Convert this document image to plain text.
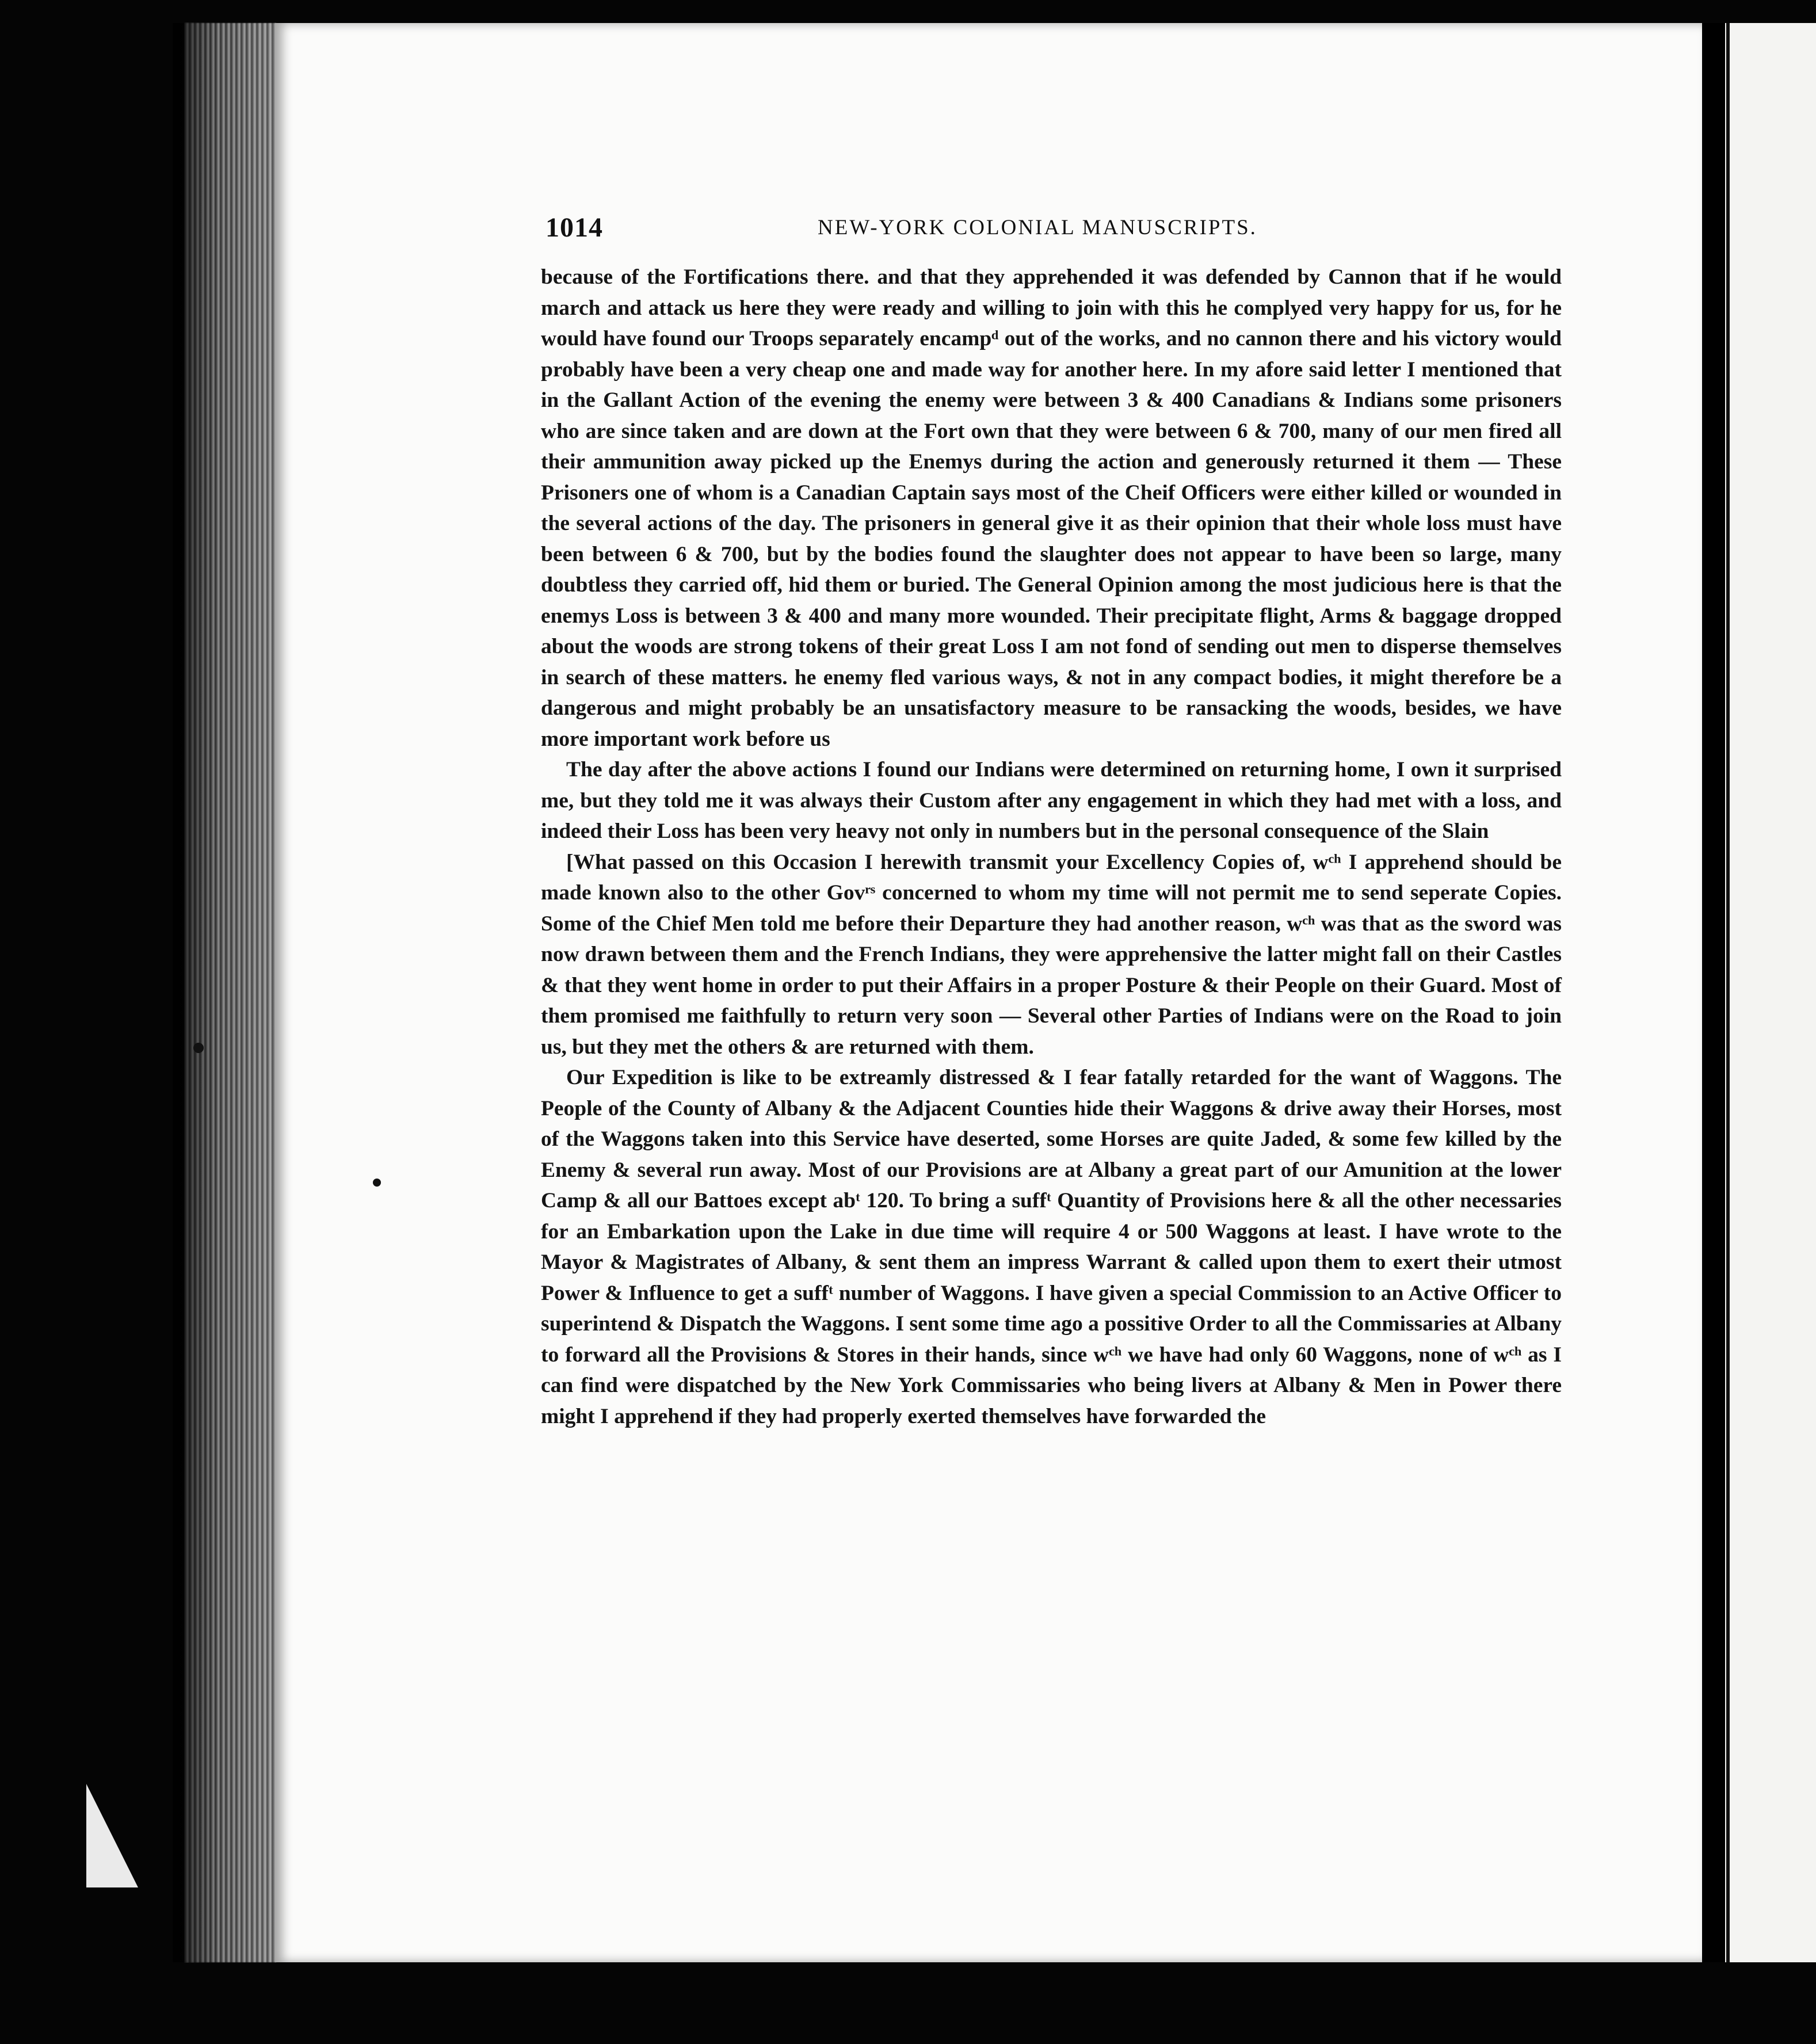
1014	NEW-YORK COLONIAL MANUSCRIPTS.

because of the Fortifications there. and that they apprehended it was defended by Cannon that if he would march and attack us here they were ready and willing to join with this he complyed very happy for us, for he would have found our Troops separately encampᵈ out of the works, and no cannon there and his victory would probably have been a very cheap one and made way for another here. In my afore said letter I mentioned that in the Gallant Action of the evening the enemy were between 3 & 400 Canadians & Indians some prisoners who are since taken and are down at the Fort own that they were between 6 & 700, many of our men fired all their ammunition away picked up the Enemys during the action and generously returned it them — These Prisoners one of whom is a Canadian Captain says most of the Cheif Officers were either killed or wounded in the several actions of the day. The prisoners in general give it as their opinion that their whole loss must have been between 6 & 700, but by the bodies found the slaughter does not appear to have been so large, many doubtless they carried off, hid them or buried. The General Opinion among the most judicious here is that the enemys Loss is between 3 & 400 and many more wounded. Their precipitate flight, Arms & baggage dropped about the woods are strong tokens of their great Loss I am not fond of sending out men to disperse themselves in search of these matters. he enemy fled various ways, & not in any compact bodies, it might therefore be a dangerous and might probably be an unsatisfactory measure to be ransacking the woods, besides, we have more important work before us

The day after the above actions I found our Indians were determined on returning home, I own it surprised me, but they told me it was always their Custom after any engagement in which they had met with a loss, and indeed their Loss has been very heavy not only in numbers but in the personal consequence of the Slain

[What passed on this Occasion I herewith transmit your Excellency Copies of, wᶜʰ I apprehend should be made known also to the other Govʳˢ concerned to whom my time will not permit me to send seperate Copies. Some of the Chief Men told me before their Departure they had another reason, wᶜʰ was that as the sword was now drawn between them and the French Indians, they were apprehensive the latter might fall on their Castles & that they went home in order to put their Affairs in a proper Posture & their People on their Guard. Most of them promised me faithfully to return very soon — Several other Parties of Indians were on the Road to join us, but they met the others & are returned with them.

Our Expedition is like to be extreamly distressed & I fear fatally retarded for the want of Waggons. The People of the County of Albany & the Adjacent Counties hide their Waggons & drive away their Horses, most of the Waggons taken into this Service have deserted, some Horses are quite Jaded, & some few killed by the Enemy & several run away. Most of our Provisions are at Albany a great part of our Amunition at the lower Camp & all our Battoes except abᵗ 120. To bring a suffᵗ Quantity of Provisions here & all the other necessaries for an Embarkation upon the Lake in due time will require 4 or 500 Waggons at least. I have wrote to the Mayor & Magistrates of Albany, & sent them an impress Warrant & called upon them to exert their utmost Power & Influence to get a suffᵗ number of Waggons. I have given a special Commission to an Active Officer to superintend & Dispatch the Waggons. I sent some time ago a possitive Order to all the Commissaries at Albany to forward all the Provisions & Stores in their hands, since wᶜʰ we have had only 60 Waggons, none of wᶜʰ as I can find were dispatched by the New York Commissaries who being livers at Albany & Men in Power there might I apprehend if they had properly exerted themselves have forwarded the
